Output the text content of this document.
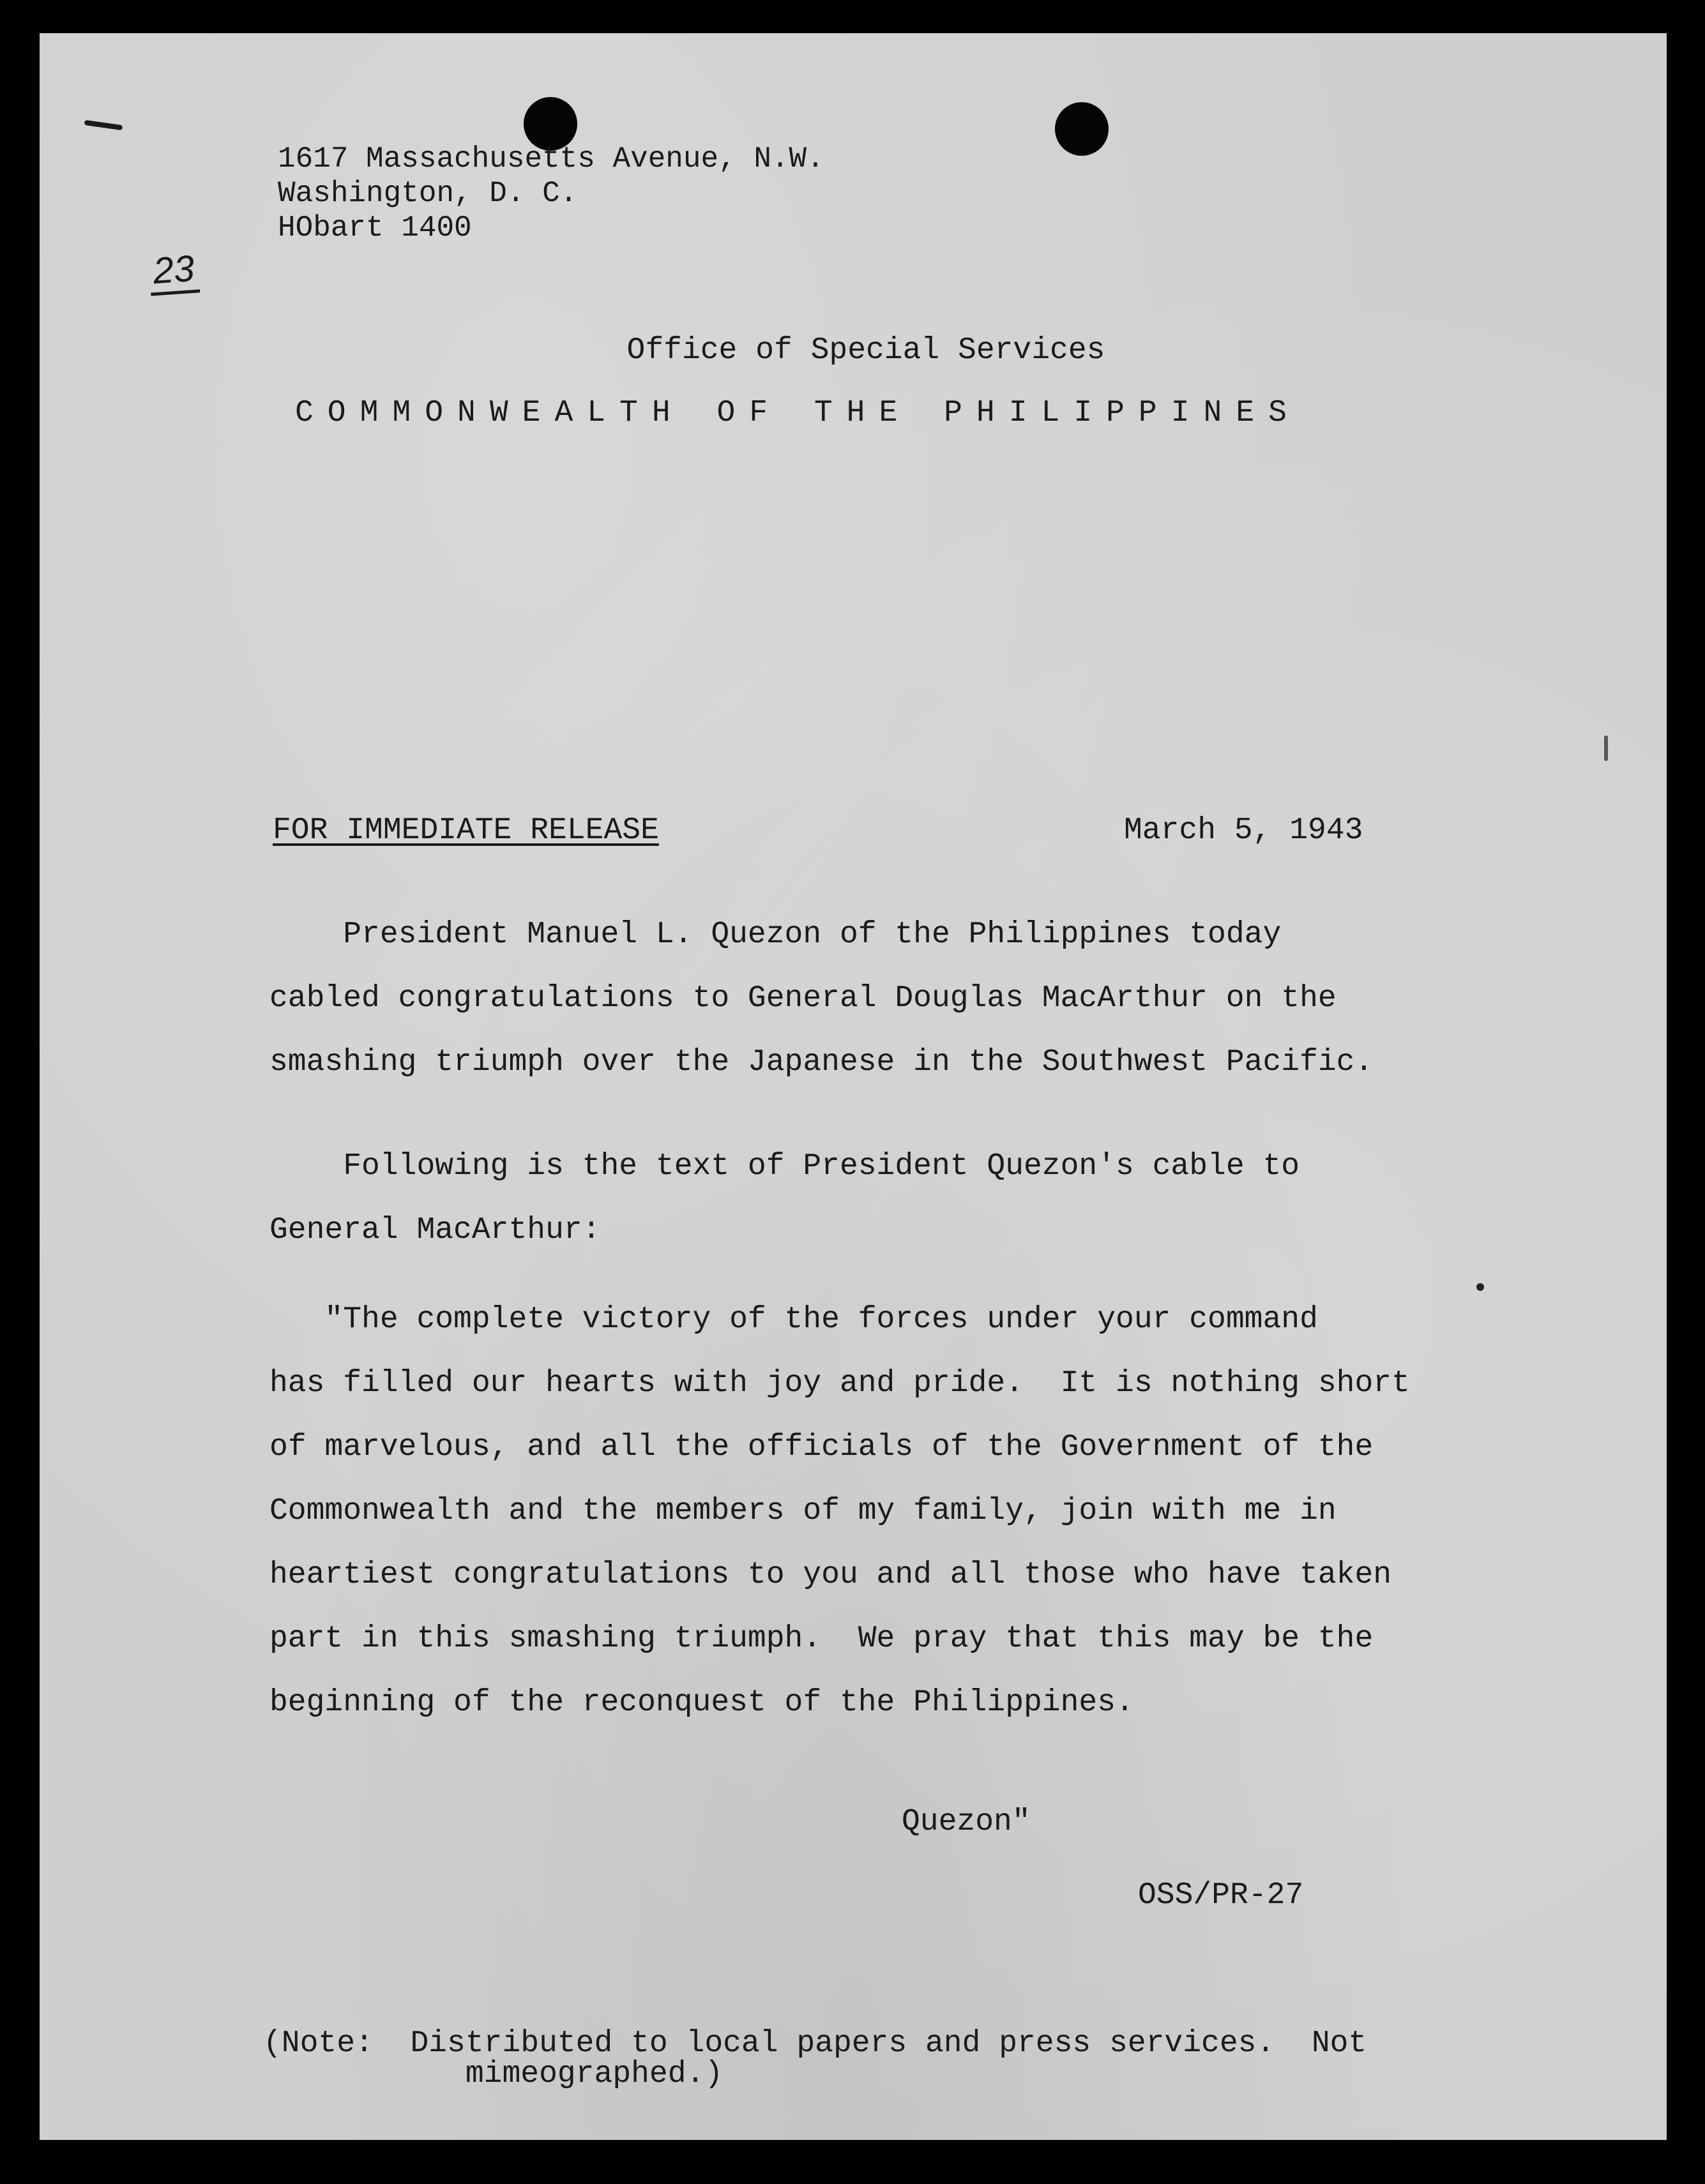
23
1617 Massachusetts Avenue, N.W.
Washington, D. C.
HObart 1400
Office of Special Services
COMMONWEALTH OF THE PHILIPPINES
FOR IMMEDIATE RELEASE	March 5, 1943
President Manuel L. Quezon of the Philippines today
cabled congratulations to General Douglas MacArthur on the
smashing triumph over the Japanese in the Southwest Pacific.
Following is the text of President Quezon's cable to
General MacArthur:
"The complete victory of the forces under your command
has filled our hearts with joy and pride.  It is nothing short
of marvelous, and all the officials of the Government of the
Commonwealth and the members of my family, join with me in
heartiest congratulations to you and all those who have taken
part in this smashing triumph.  We pray that this may be the
beginning of the reconquest of the Philippines.
Quezon"
OSS/PR-27
(Note:  Distributed to local papers and press services.  Not
mimeographed.)
